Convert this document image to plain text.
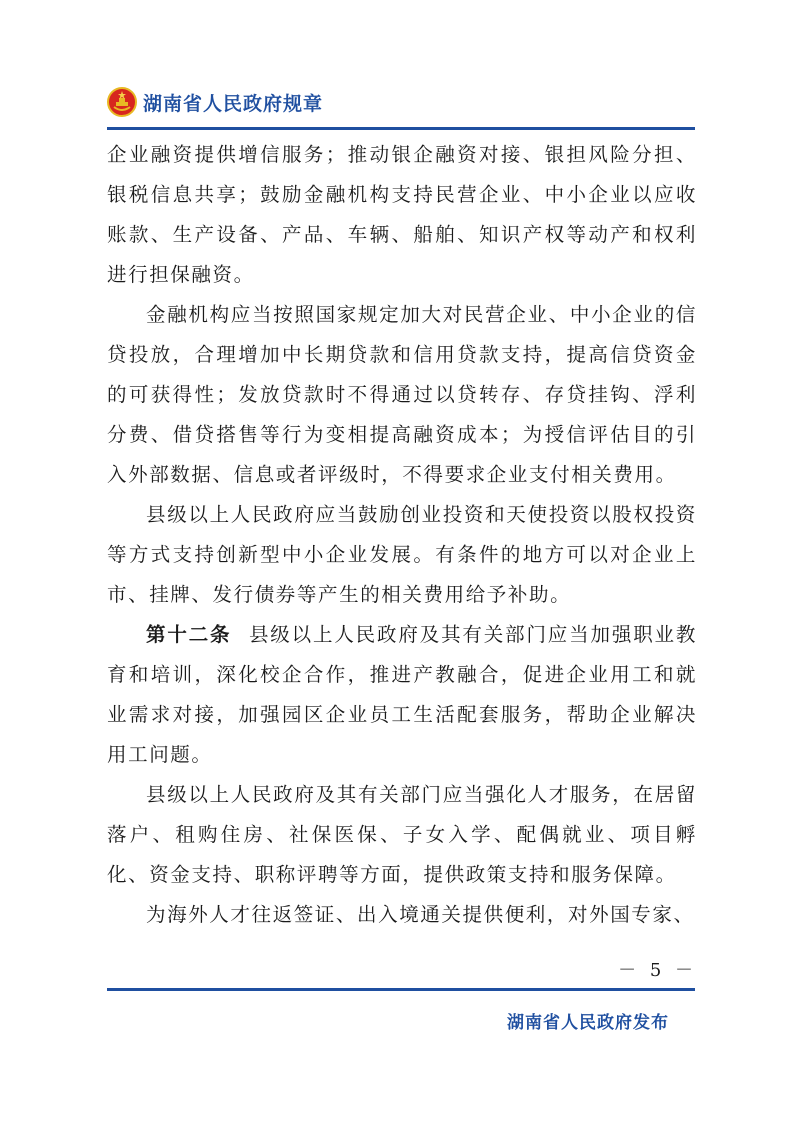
湖南省人民政府规章

企业融资提供增信服务；推动银企融资对接、银担风险分担、银税信息共享；鼓励金融机构支持民营企业、中小企业以应收账款、生产设备、产品、车辆、船舶、知识产权等动产和权利进行担保融资。

金融机构应当按照国家规定加大对民营企业、中小企业的信贷投放，合理增加中长期贷款和信用贷款支持，提高信贷资金的可获得性；发放贷款时不得通过以贷转存、存贷挂钩、浮利分费、借贷搭售等行为变相提高融资成本；为授信评估目的引入外部数据、信息或者评级时，不得要求企业支付相关费用。

县级以上人民政府应当鼓励创业投资和天使投资以股权投资等方式支持创新型中小企业发展。有条件的地方可以对企业上市、挂牌、发行债券等产生的相关费用给予补助。

第十二条 县级以上人民政府及其有关部门应当加强职业教育和培训，深化校企合作，推进产教融合，促进企业用工和就业需求对接，加强园区企业员工生活配套服务，帮助企业解决用工问题。

县级以上人民政府及其有关部门应当强化人才服务，在居留落户、租购住房、社保医保、子女入学、配偶就业、项目孵化、资金支持、职称评聘等方面，提供政策支持和服务保障。

为海外人才往返签证、出入境通关提供便利，对外国专家、

－ 5 －
湖南省人民政府发布
